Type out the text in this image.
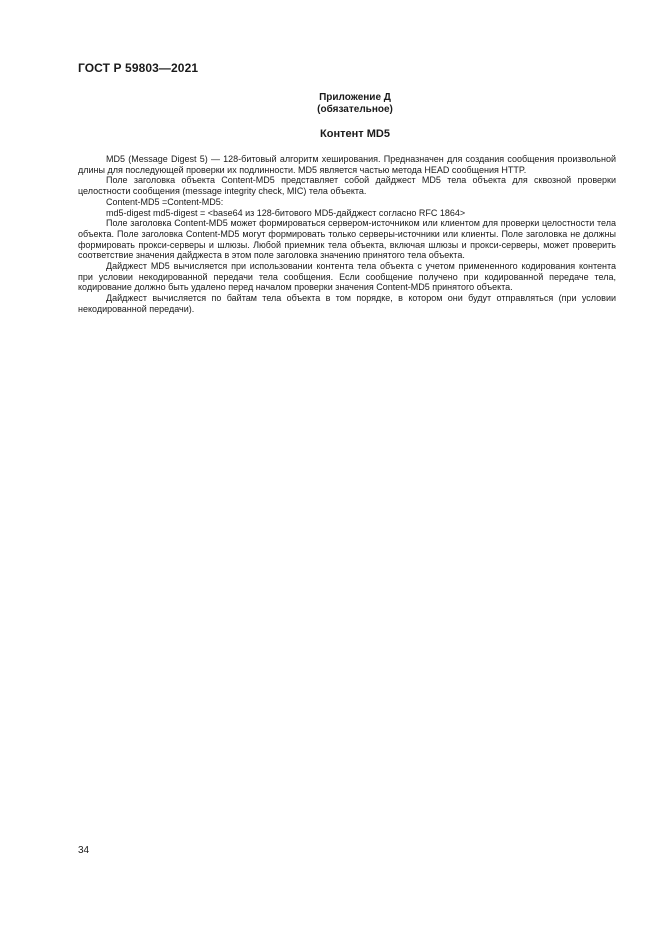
ГОСТ Р 59803—2021
Приложение Д
(обязательное)
Контент MD5

MD5 (Message Digest 5) — 128-битовый алгоритм хеширования. Предназначен для создания сообщения произвольной длины для последующей проверки их подлинности. MD5 является частью метода HEAD сообщения HTTP.

Поле заголовка объекта Content-MD5 представляет собой дайджест MD5 тела объекта для сквозной проверки целостности сообщения (message integrity check, MIC) тела объекта.

Content-MD5 =Content-MD5:

md5-digest md5-digest = <base64 из 128-битового MD5-дайджест согласно RFC 1864>

Поле заголовка Content-MD5 может формироваться сервером-источником или клиентом для проверки целостности тела объекта. Поле заголовка Content-MD5 могут формировать только серверы-источники или клиенты. Поле заголовка не должны формировать прокси-серверы и шлюзы. Любой приемник тела объекта, включая шлюзы и прокси-серверы, может проверить соответствие значения дайджеста в этом поле заголовка значению принятого тела объекта.

Дайджест MD5 вычисляется при использовании контента тела объекта с учетом примененного кодирования контента при условии некодированной передачи тела сообщения. Если сообщение получено при кодированной передаче тела, кодирование должно быть удалено перед началом проверки значения Content-MD5 принятого объекта.

Дайджест вычисляется по байтам тела объекта в том порядке, в котором они будут отправляться (при условии некодированной передачи).

34
